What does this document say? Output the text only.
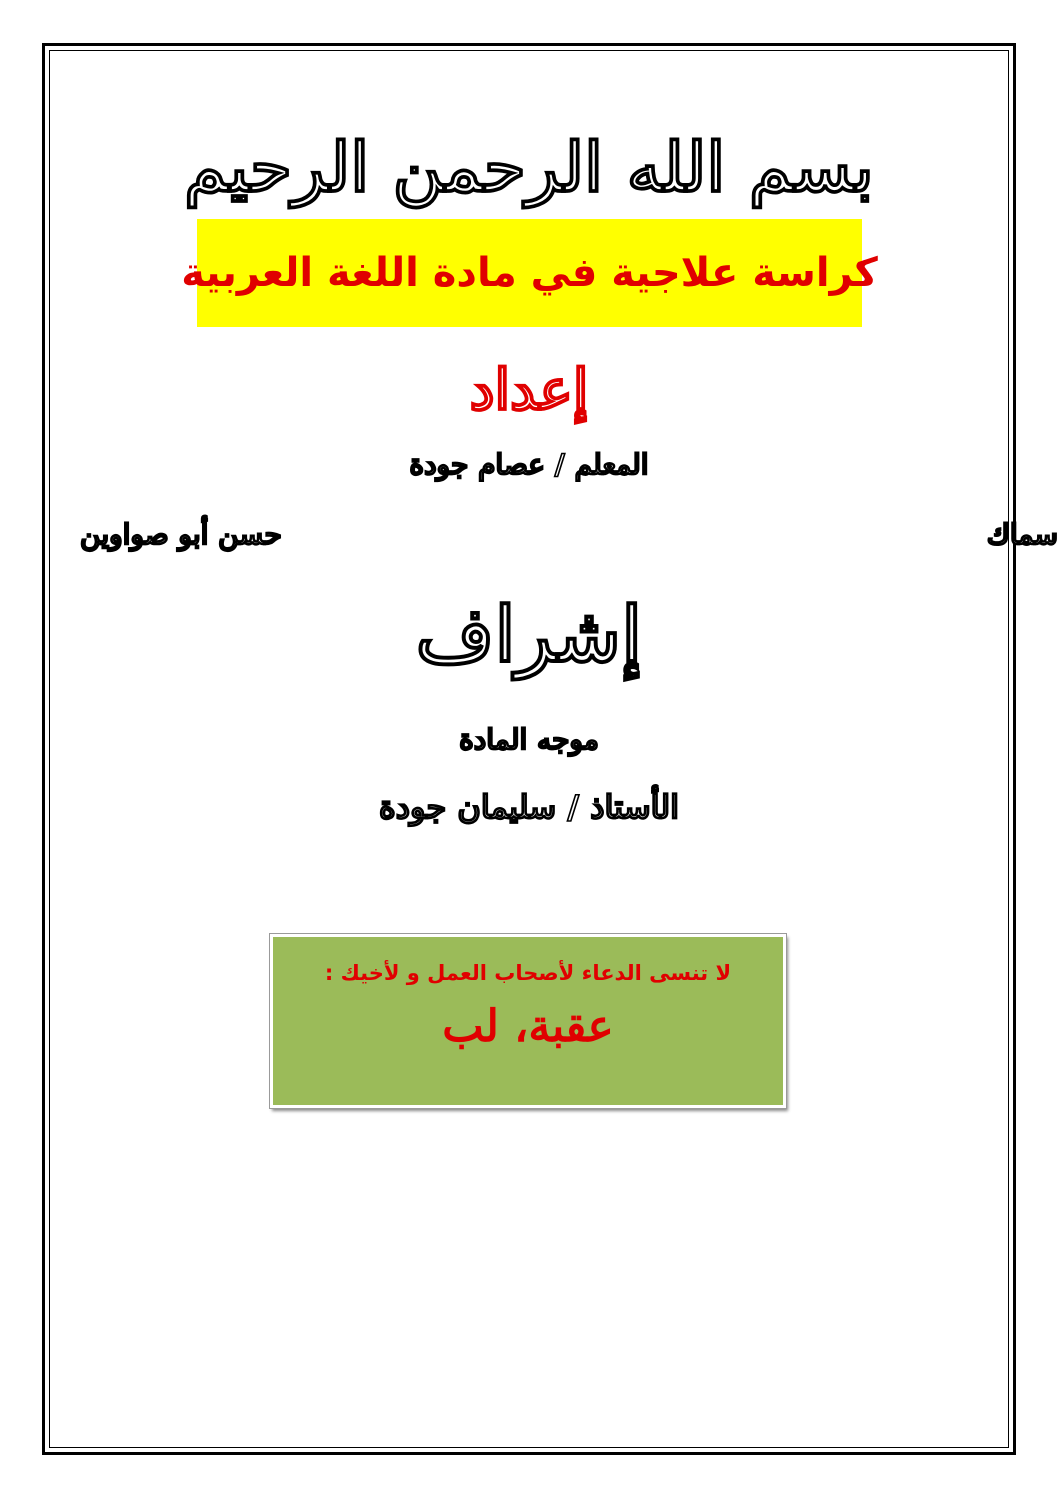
بسم الله الرحمن الرحيم
كراسة علاجية في مادة اللغة العربية
إعداد
المعلم / عصام جودة
حسن أبو صواوين	سماك
إشراف
موجه المادة
الأستاذ / سليمان جودة
لا تنسى الدعاء لأصحاب العمل و لأخيك :
عقبة، لب
